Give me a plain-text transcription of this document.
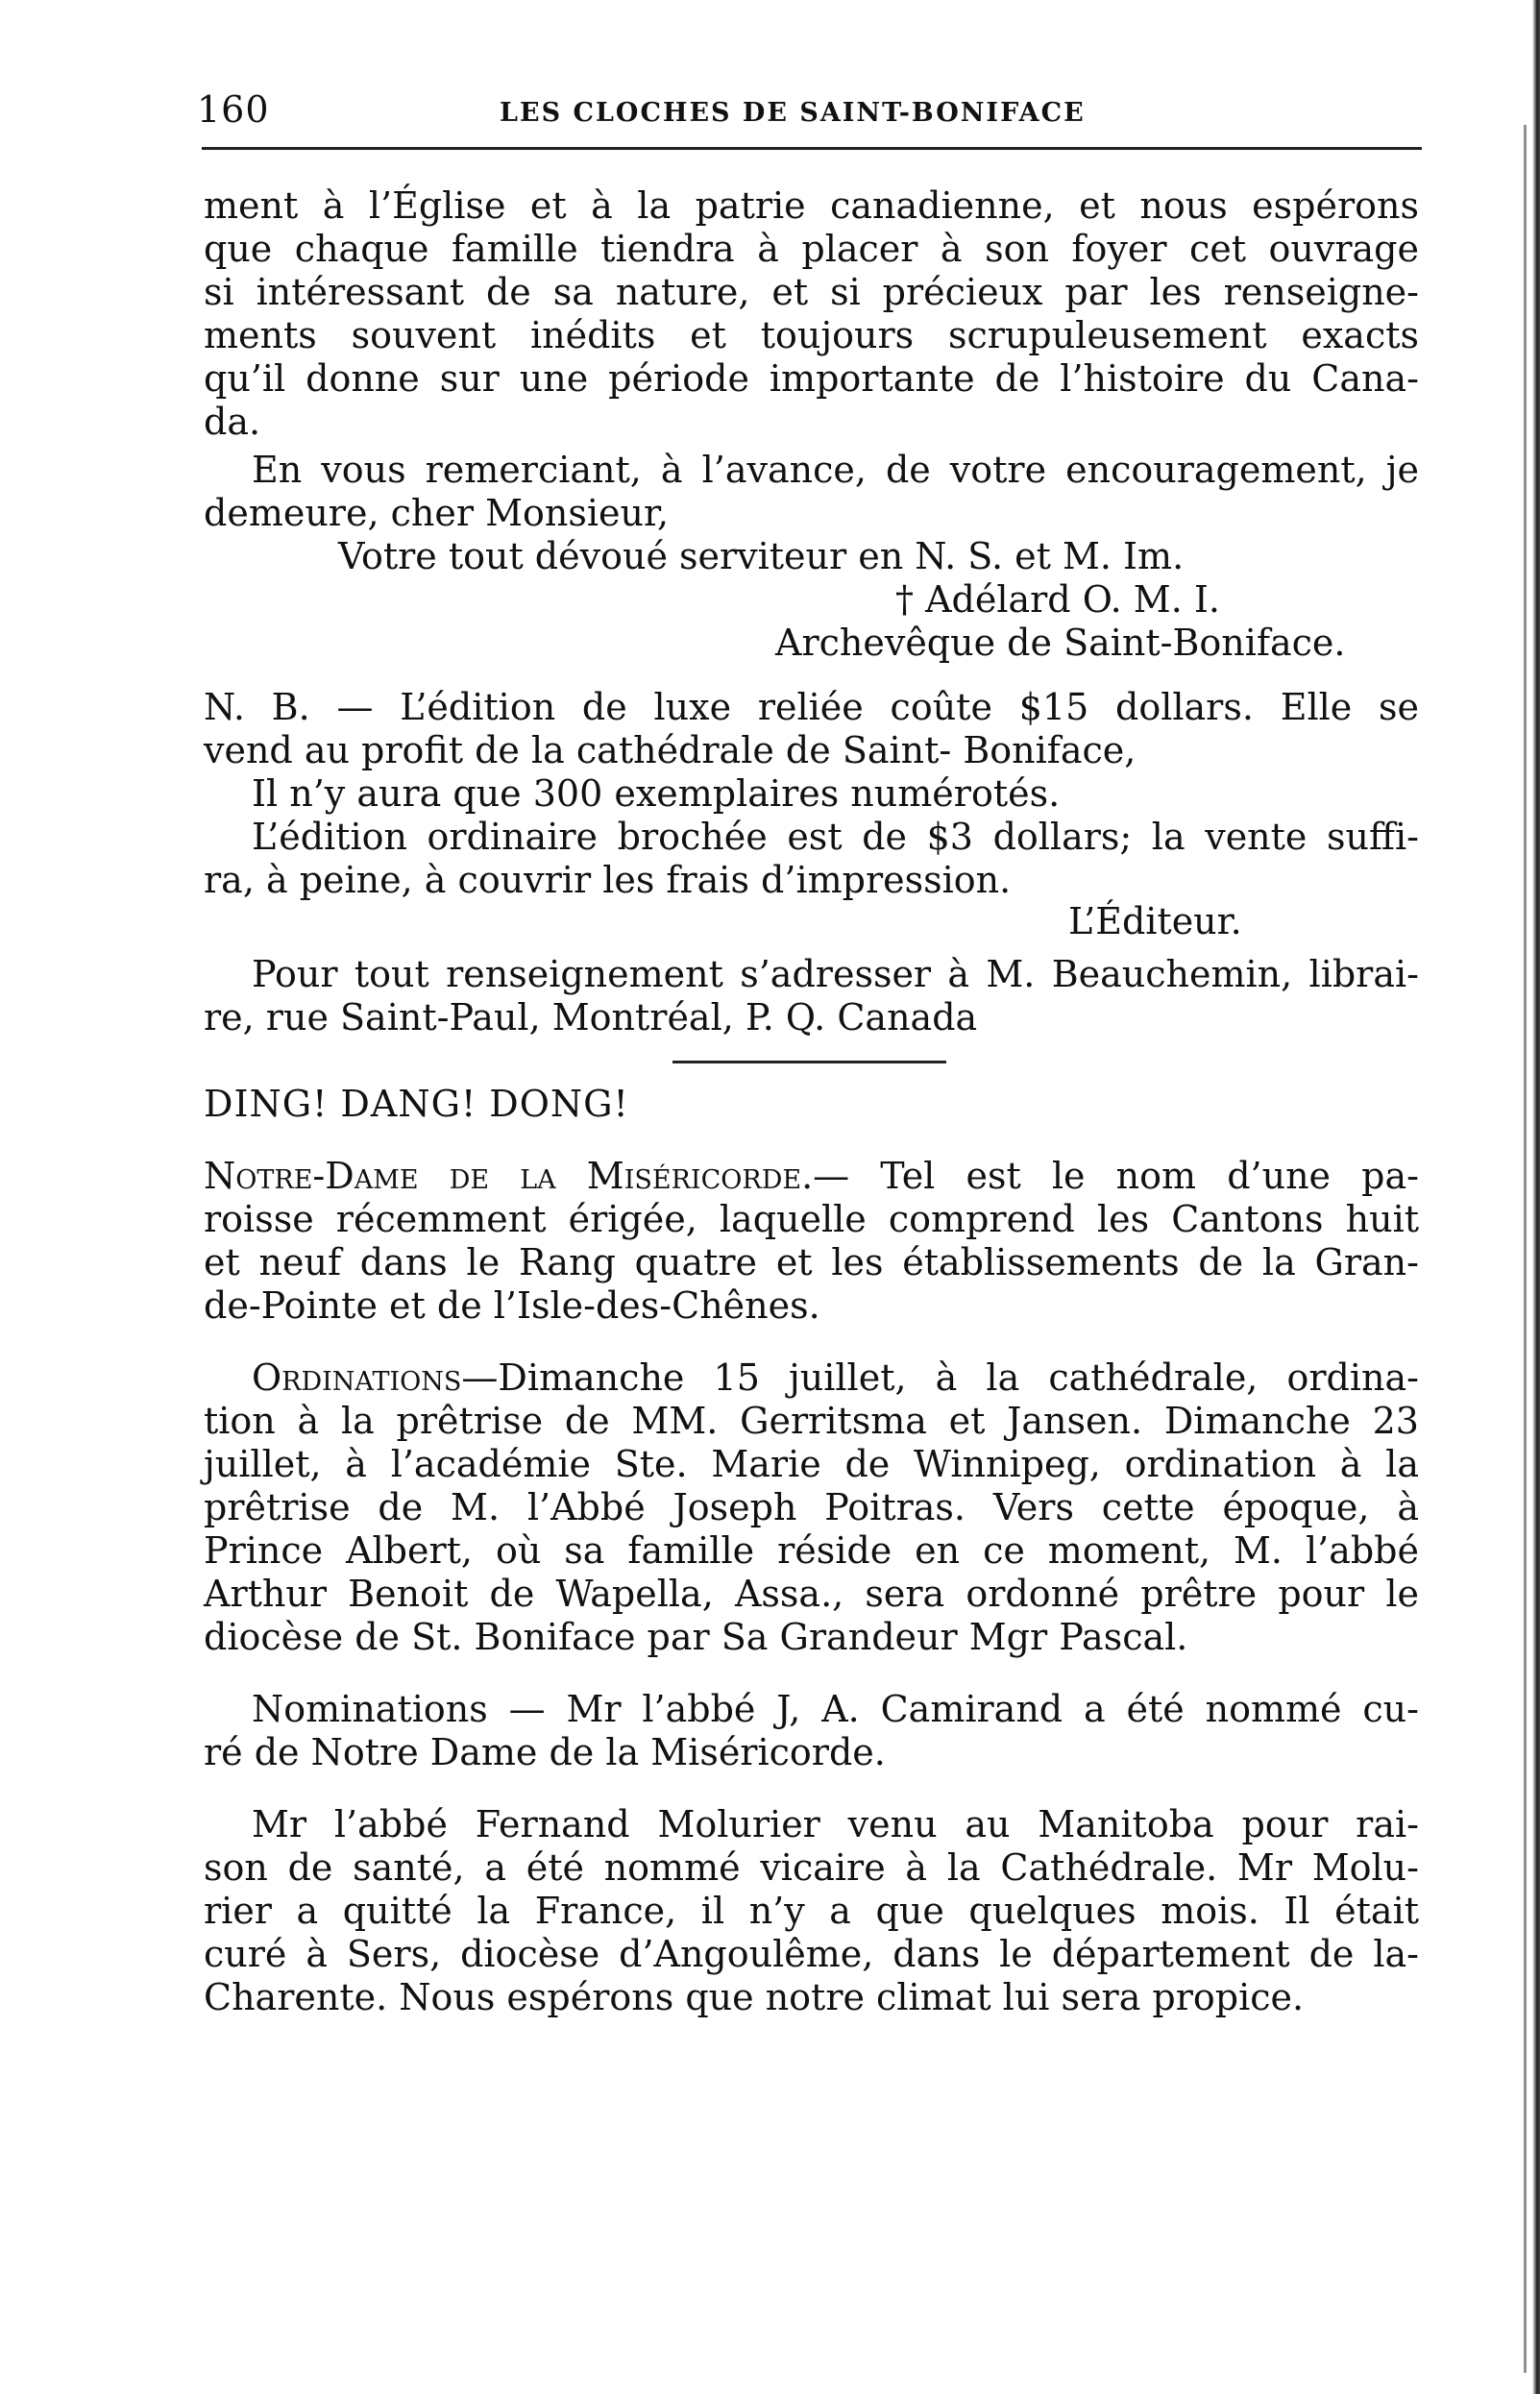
160	LES CLOCHES DE SAINT-BONIFACE
ment à l’Église et à la patrie canadienne, et nous espérons
que chaque famille tiendra à placer à son foyer cet ouvrage
si intéressant de sa nature, et si précieux par les renseigne-
ments souvent inédits et toujours scrupuleusement exacts
qu’il donne sur une période importante de l’histoire du Cana-
da.
En vous remerciant, à l’avance, de votre encouragement, je
demeure, cher Monsieur,
Votre tout dévoué serviteur en N. S. et M. Im.
† Adélard O. M. I.
Archevêque de Saint-Boniface.
N. B. — L’édition de luxe reliée coûte $15 dollars. Elle se
vend au profit de la cathédrale de Saint- Boniface,
Il n’y aura que 300 exemplaires numérotés.
L’édition ordinaire brochée est de $3 dollars; la vente suffi-
ra, à peine, à couvrir les frais d’impression.
L’Éditeur.
Pour tout renseignement s’adresser à M. Beauchemin, librai-
re, rue Saint-Paul, Montréal, P. Q. Canada
DING! DANG! DONG!
Notre-Dame de la Miséricorde.— Tel est le nom d’une pa-
roisse récemment érigée, laquelle comprend les Cantons huit
et neuf dans le Rang quatre et les établissements de la Gran-
de-Pointe et de l’Isle-des-Chênes.
Ordinations—Dimanche 15 juillet, à la cathédrale, ordina-
tion à la prêtrise de MM. Gerritsma et Jansen. Dimanche 23
juillet, à l’académie Ste. Marie de Winnipeg, ordination à la
prêtrise de M. l’Abbé Joseph Poitras. Vers cette époque, à
Prince Albert, où sa famille réside en ce moment, M. l’abbé
Arthur Benoit de Wapella, Assa., sera ordonné prêtre pour le
diocèse de St. Boniface par Sa Grandeur Mgr Pascal.
Nominations — Mr l’abbé J, A. Camirand a été nommé cu-
ré de Notre Dame de la Miséricorde.
Mr l’abbé Fernand Molurier venu au Manitoba pour rai-
son de santé, a été nommé vicaire à la Cathédrale. Mr Molu-
rier a quitté la France, il n’y a que quelques mois. Il était
curé à Sers, diocèse d’Angoulême, dans le département de la-
Charente. Nous espérons que notre climat lui sera propice.
